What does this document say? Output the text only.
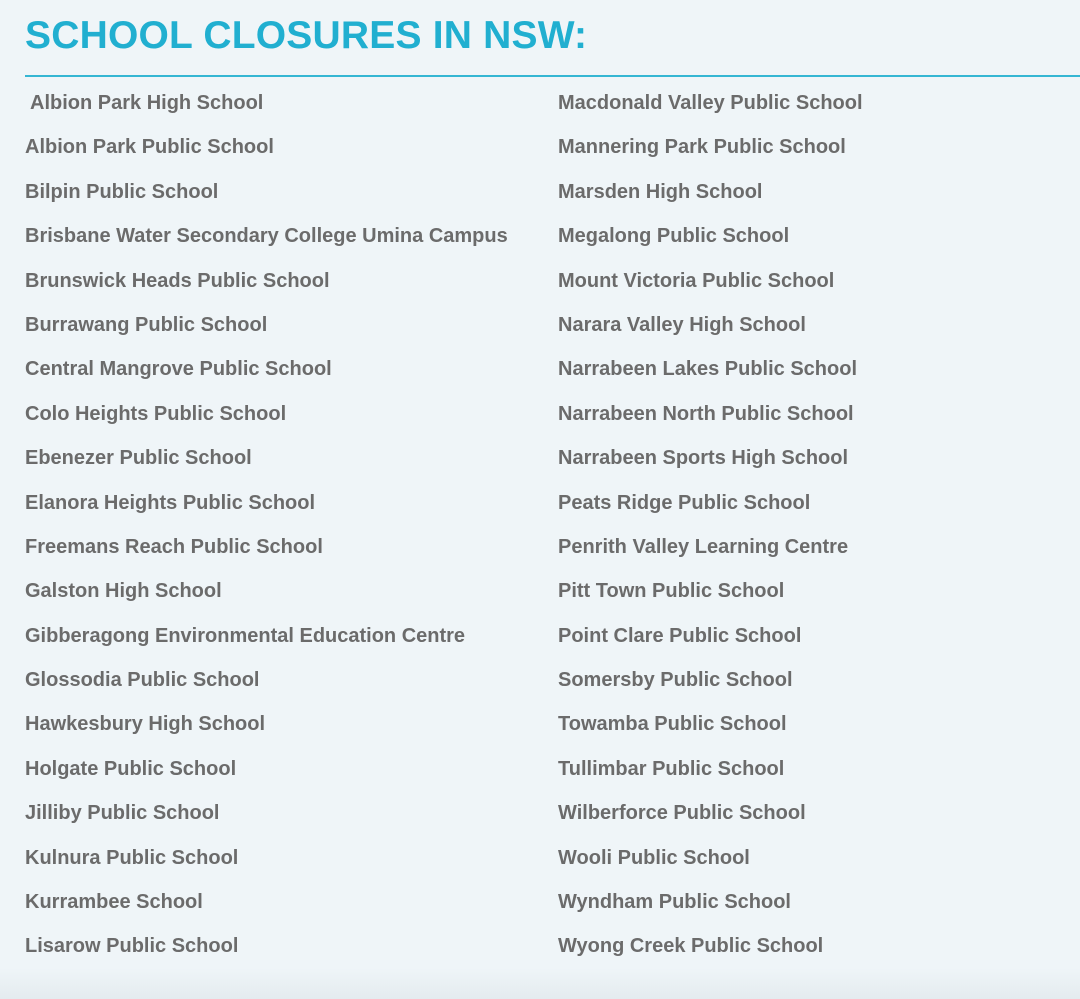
SCHOOL CLOSURES IN NSW:
Albion Park High School
Albion Park Public School
Bilpin Public School
Brisbane Water Secondary College Umina Campus
Brunswick Heads Public School
Burrawang Public School
Central Mangrove Public School
Colo Heights Public School
Ebenezer Public School
Elanora Heights Public School
Freemans Reach Public School
Galston High School
Gibberagong Environmental Education Centre
Glossodia Public School
Hawkesbury High School
Holgate Public School
Jilliby Public School
Kulnura Public School
Kurrambee School
Lisarow Public School
Macdonald Valley Public School
Mannering Park Public School
Marsden High School
Megalong Public School
Mount Victoria Public School
Narara Valley High School
Narrabeen Lakes Public School
Narrabeen North Public School
Narrabeen Sports High School
Peats Ridge Public School
Penrith Valley Learning Centre
Pitt Town Public School
Point Clare Public School
Somersby Public School
Towamba Public School
Tullimbar Public School
Wilberforce Public School
Wooli Public School
Wyndham Public School
Wyong Creek Public School
